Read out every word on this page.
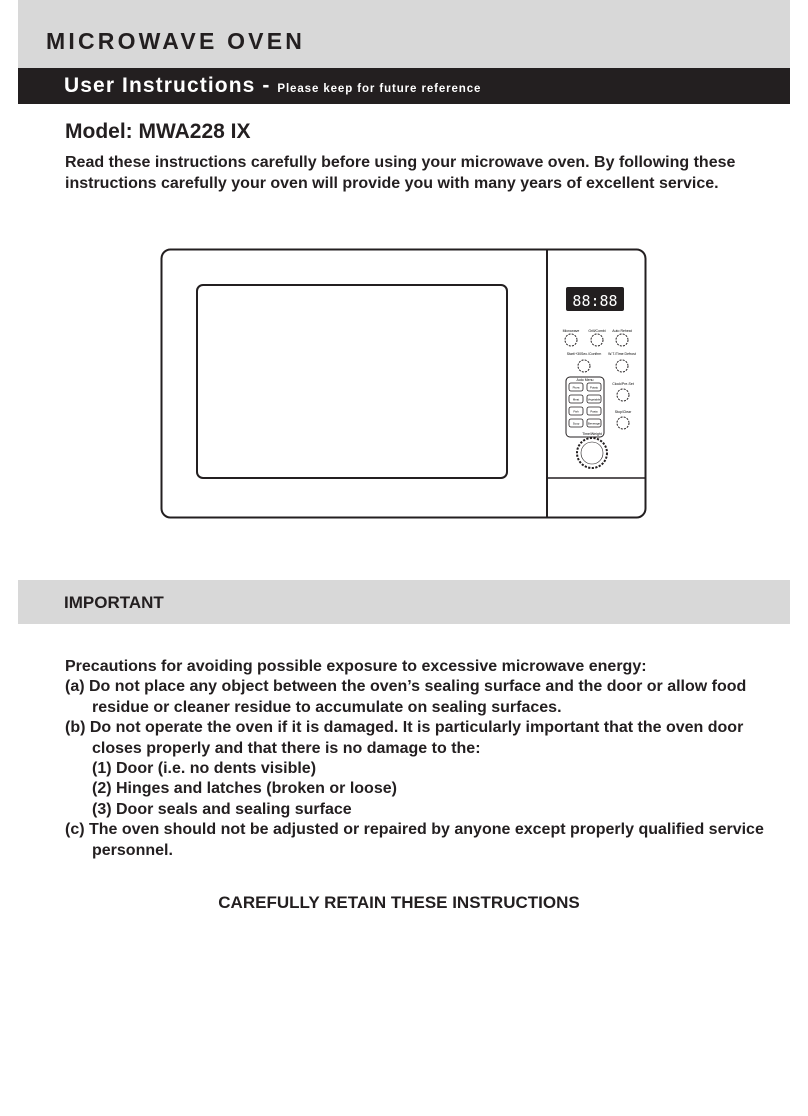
MICROWAVE OVEN
User Instructions - Please keep for future reference
Model: MWA228 IX
Read these instructions carefully before using your microwave oven. By following these instructions carefully your oven will provide you with many years of excellent service.
88:88
Microwave	Grill/Combi Auto Reheat
Start/+30Sec./Confirm W.T./Time Defrost
Auto Menu
Pizza	Potato
Meat	Vegetable
Fish	Pasta
Soup	Beverage
Clock/Pre-Set
Stop/Clear
Time/Weight
IMPORTANT

Precautions for avoiding possible exposure to excessive microwave energy:

(a) Do not place any object between the oven’s sealing surface and the door or allow food residue or cleaner residue to accumulate on sealing surfaces.

(b) Do not operate the oven if it is damaged. It is particularly important that the oven door closes properly and that there is no damage to the:

(1) Door (i.e. no dents visible)

(2) Hinges and latches (broken or loose)

(3) Door seals and sealing surface

(c) The oven should not be adjusted or repaired by anyone except properly qualified service personnel.

CAREFULLY RETAIN THESE INSTRUCTIONS
